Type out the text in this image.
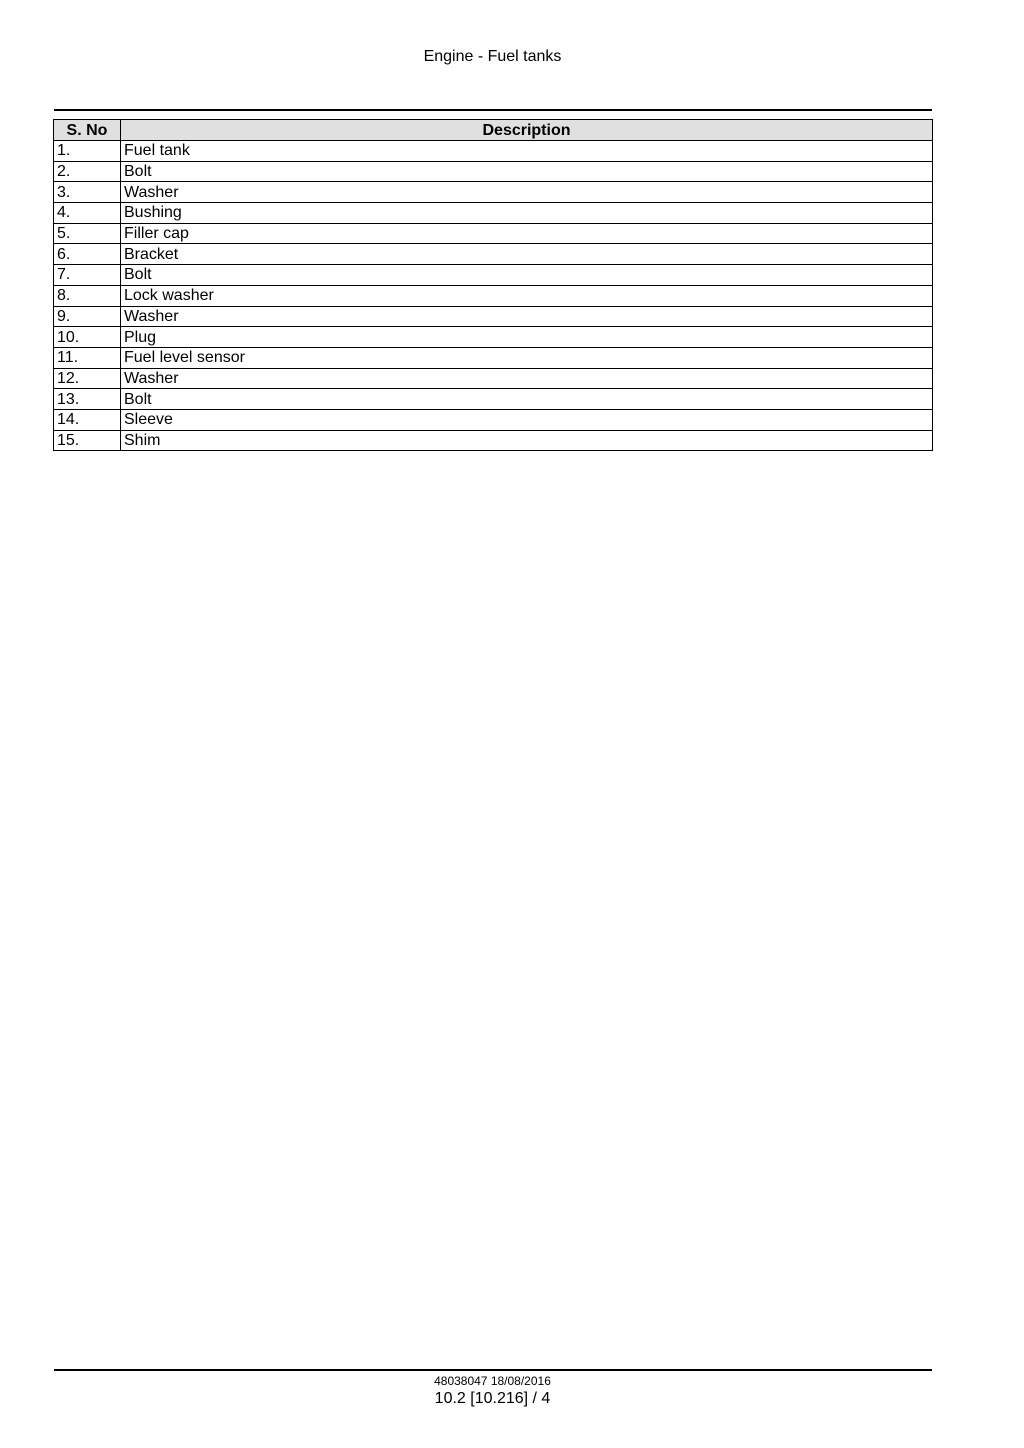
Engine - Fuel tanks
S. No	Description
1.	Fuel tank
2.	Bolt
3.	Washer
4.	Bushing
5.	Filler cap
6.	Bracket
7.	Bolt
8.	Lock washer
9.	Washer
10.	Plug
11.	Fuel level sensor
12.	Washer
13.	Bolt
14.	Sleeve
15.	Shim
48038047 18/08/2016
10.2 [10.216] / 4
